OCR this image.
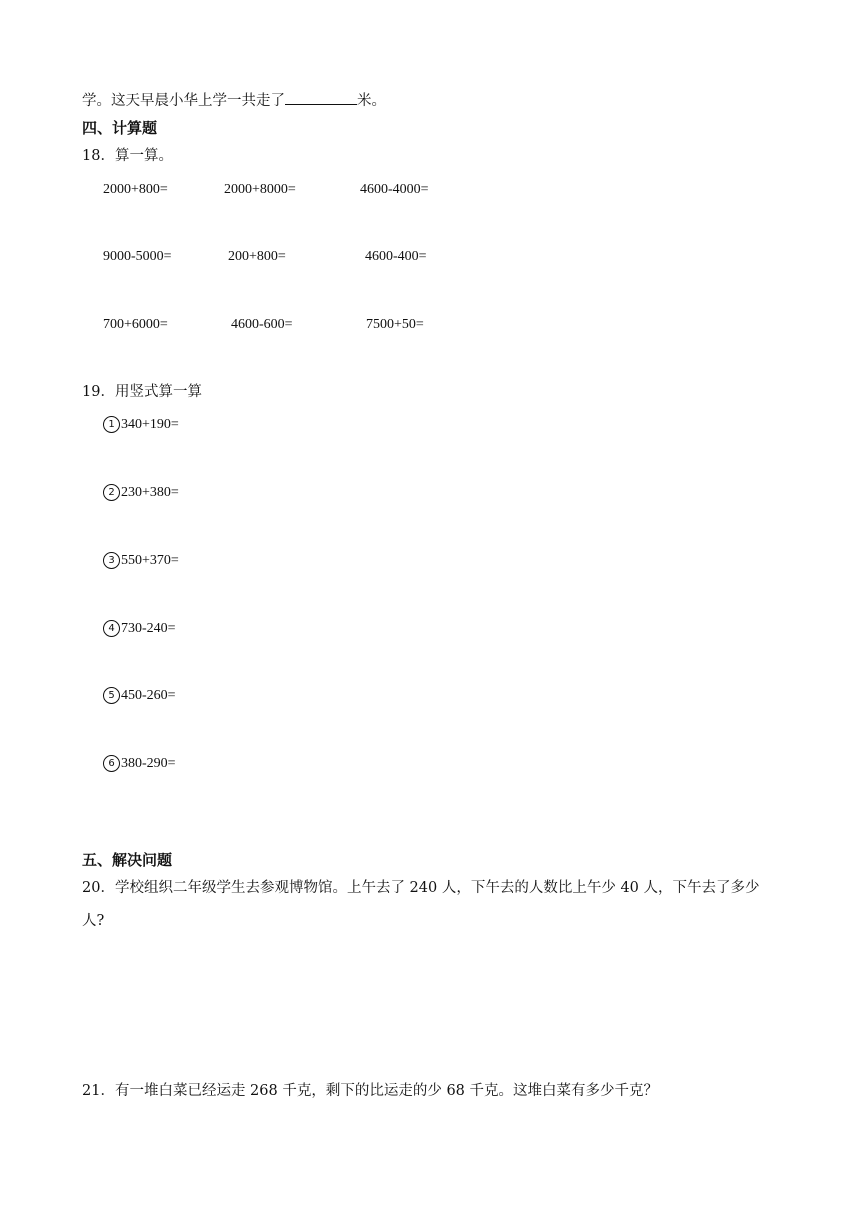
学。这天早晨小华上学一共走了	米。
四、计算题
18．算一算。
2000+800=	2000+8000=	4600-4000=
9000-5000=	200+800=	4600-400=
700+6000=	4600-600=	7500+50=
19．用竖式算一算
1 340+190=
2 230+380=
3 550+370=
4 730-240=
5 450-260=
6 380-290=
五、解决问题
20．学校组织二年级学生去参观博物馆。上午去了 240 人，下午去的人数比上午少 40 人，下午去了多少
人?
21．有一堆白菜已经运走 268 千克，剩下的比运走的少 68 千克。这堆白菜有多少千克？
